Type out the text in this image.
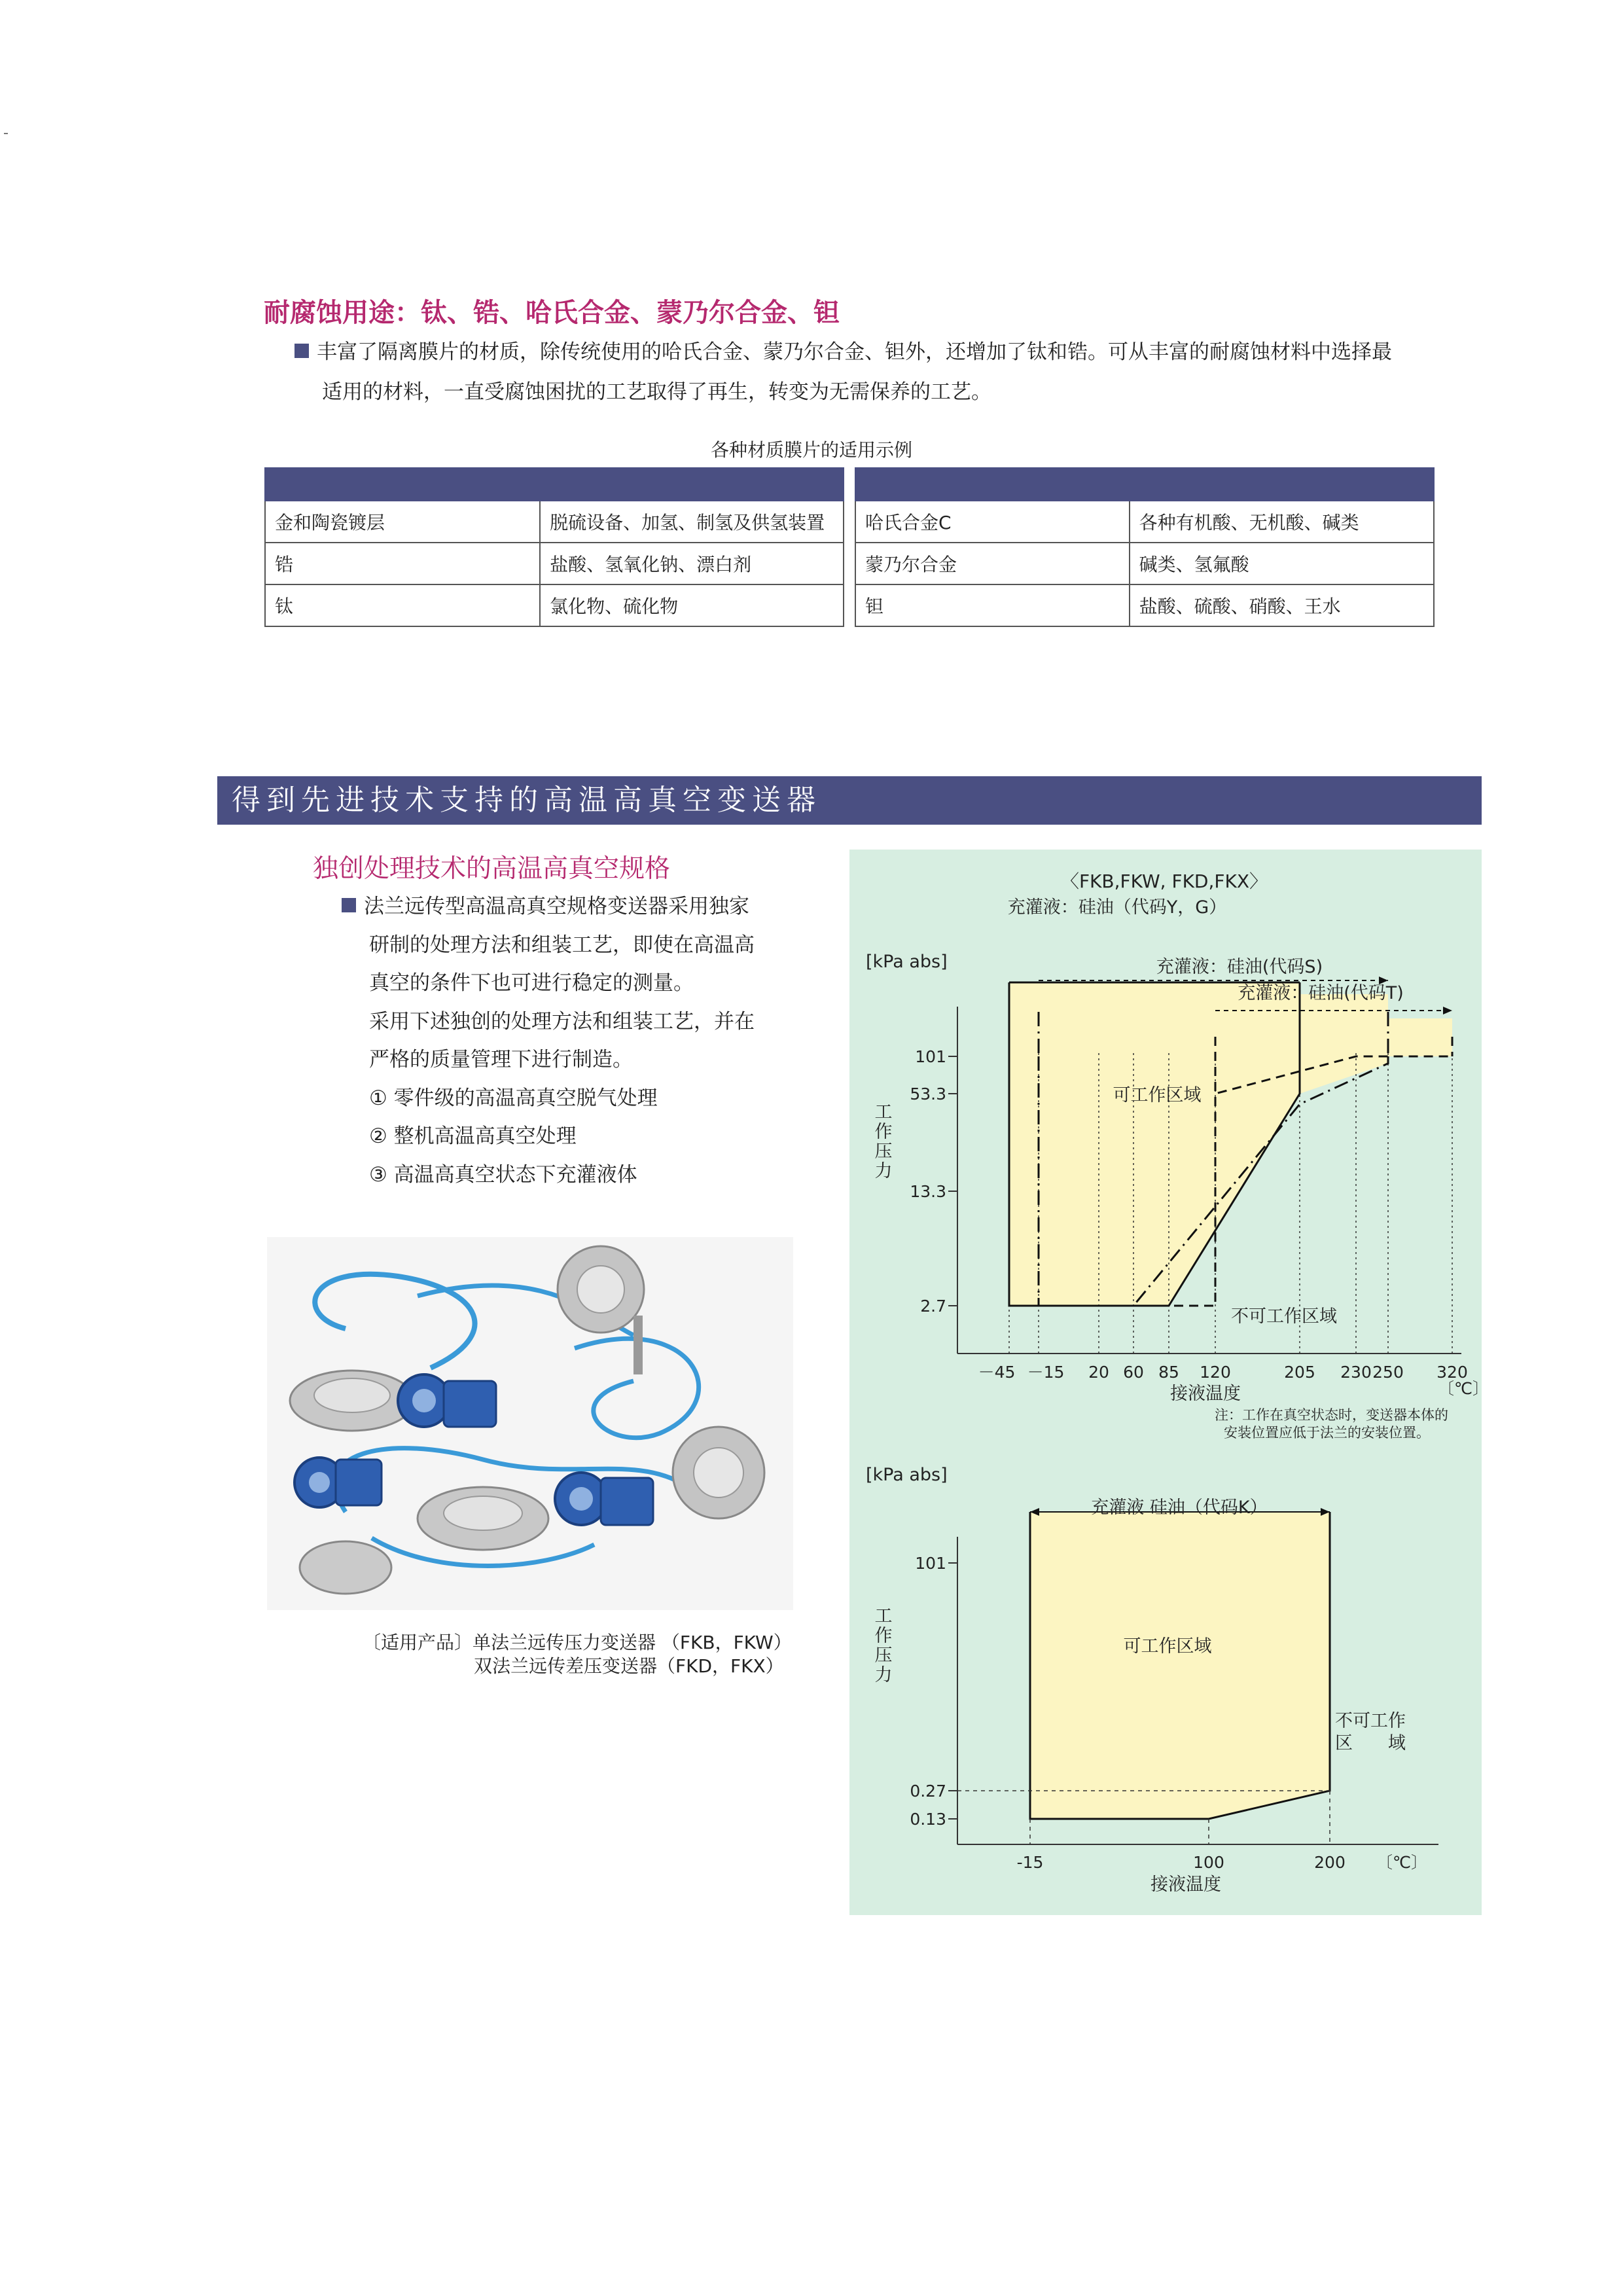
耐腐蚀用途：钛、锆、哈氏合金、蒙乃尔合金、钽
丰富了隔离膜片的材质，除传统使用的哈氏合金、蒙乃尔合金、钽外，还增加了钛和锆。可从丰富的耐腐蚀材料中选择最
适用的材料，一直受腐蚀困扰的工艺取得了再生，转变为无需保养的工艺。
各种材质膜片的适用示例

金和陶瓷镀层	脱硫设备、加氢、制氢及供氢装置
锆	盐酸、氢氧化钠、漂白剂
钛	氯化物、硫化物

哈氏合金C	各种有机酸、无机酸、碱类
蒙乃尔合金	碱类、氢氟酸
钽	盐酸、硫酸、硝酸、王水
得到先进技术支持的高温高真空变送器
独创处理技术的高温高真空规格
法兰远传型高温高真空规格变送器采用独家
研制的处理方法和组装工艺，即使在高温高
真空的条件下也可进行稳定的测量。
采用下述独创的处理方法和组装工艺，并在
严格的质量管理下进行制造。
① 零件级的高温高真空脱气处理
② 整机高温高真空处理
③ 高温高真空状态下充灌液体
〔适用产品〕单法兰远传压力变送器 （FKB，FKW）
双法兰远传差压变送器（FKD，FKX）
－45 －15 20 60 85 120	205 230 250 320
〔℃〕
接液温度
101
53.3
13.3
2.7
[kPa abs]
工
作
压
力
〈FKB,FKW, FKD,FKX〉
充灌液：硅油（代码Y，G）
充灌液：硅油(代码S)
充灌液：硅油(代码T)
可工作区域
不可工作区域
注：工作在真空状态时，变送器本体的
安装位置应低于法兰的安装位置。
101
0.27
0.13
-15	100	200 〔℃〕
接液温度
[kPa abs]
工
作
压
力
充灌液 硅油（代码K）
可工作区域
不可工作
区　　域
